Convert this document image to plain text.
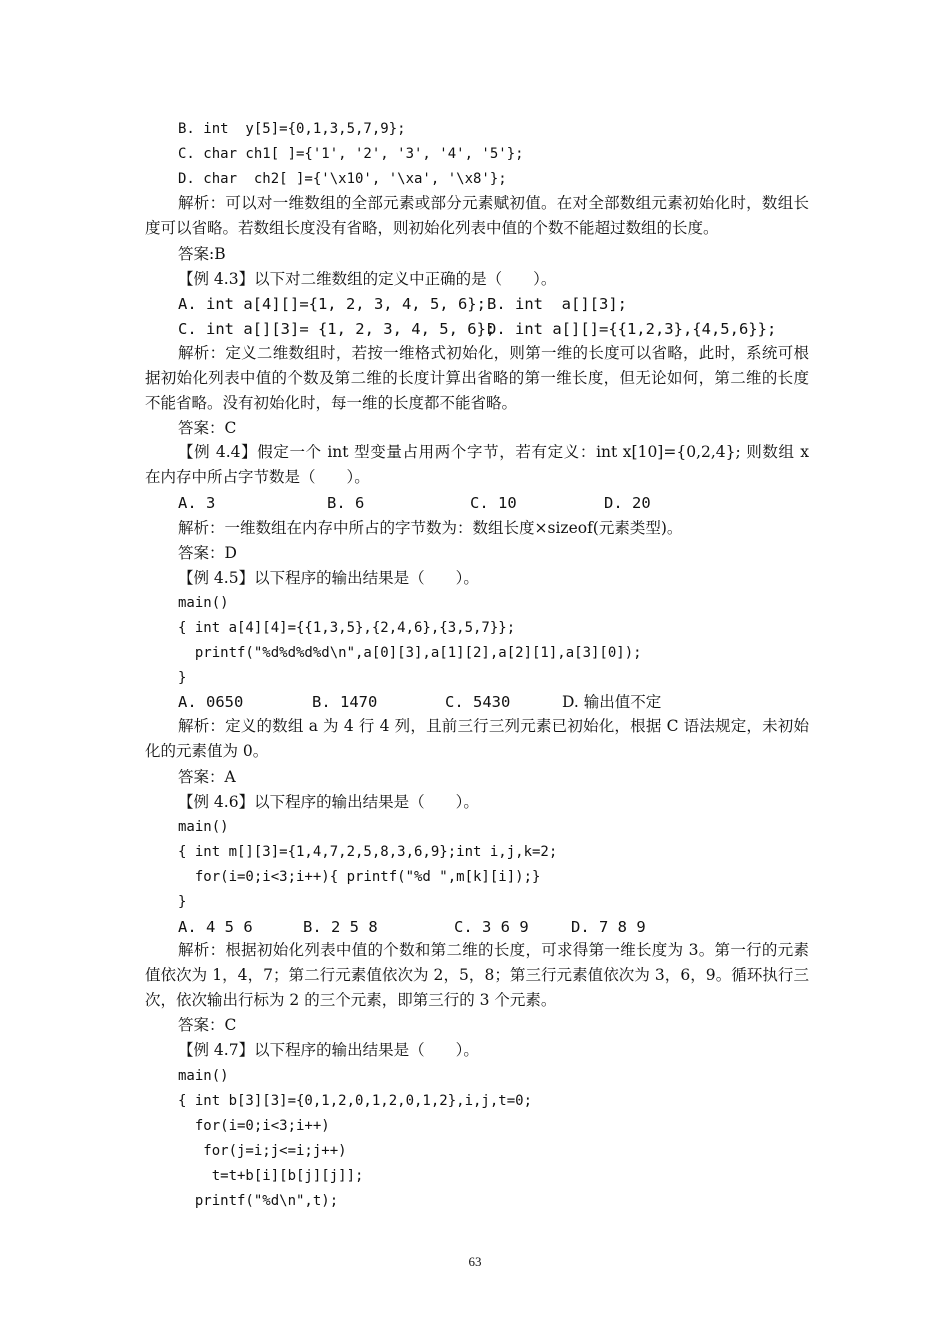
B. int  y[5]={0,1,3,5,7,9};
C. char ch1[ ]={'1', '2', '3', '4', '5'};
D. char  ch2[ ]={'\x10', '\xa', '\x8'};
解析：可以对一维数组的全部元素或部分元素赋初值。在对全部数组元素初始化时，数组长度可以省略。若数组长度没有省略，则初始化列表中值的个数不能超过数组的长度。
答案:B
【例 4.3】以下对二维数组的定义中正确的是（　　）。
A. int a[4][]={1, 2, 3, 4, 5, 6}; B. int  a[][3];
C. int a[][3]= {1, 2, 3, 4, 5, 6};
D. int a[][]={{1,2,3},{4,5,6}};
解析：定义二维数组时，若按一维格式初始化，则第一维的长度可以省略，此时，系统可根据初始化列表中值的个数及第二维的长度计算出省略的第一维长度，但无论如何，第二维的长度不能省略。没有初始化时，每一维的长度都不能省略。
答案：C
【例 4.4】假定一个 int 型变量占用两个字节，若有定义：int x[10]={0,2,4}; 则数组 x 在内存中所占字节数是（　　）。
A. 3	B. 6	C. 10	D. 20
解析：一维数组在内存中所占的字节数为：数组长度×sizeof(元素类型)。
答案：D
【例 4.5】以下程序的输出结果是（　　）。
main()
{ int a[4][4]={{1,3,5},{2,4,6},{3,5,7}};
printf("%d%d%d%d\n",a[0][3],a[1][2],a[2][1],a[3][0]);
}
A. 0650	B. 1470	C. 5430	D. 输出值不定
解析：定义的数组 a 为 4 行 4 列，且前三行三列元素已初始化，根据 C 语法规定，未初始化的元素值为 0。
答案：A
【例 4.6】以下程序的输出结果是（　　）。
main()
{ int m[][3]={1,4,7,2,5,8,3,6,9};int i,j,k=2;
for(i=0;i<3;i++){ printf("%d ",m[k][i]);}
}
A. 4 5 6	B. 2 5 8	C. 3 6 9	D. 7 8 9
解析：根据初始化列表中值的个数和第二维的长度，可求得第一维长度为 3。第一行的元素值依次为 1，4，7；第二行元素值依次为 2，5，8；第三行元素值依次为 3，6，9。循环执行三次，依次输出行标为 2 的三个元素，即第三行的 3 个元素。
答案：C
【例 4.7】以下程序的输出结果是（　　）。
main()
{ int b[3][3]={0,1,2,0,1,2,0,1,2},i,j,t=0;
for(i=0;i<3;i++)
for(j=i;j<=i;j++)
t=t+b[i][b[j][j]];
printf("%d\n",t);
63
